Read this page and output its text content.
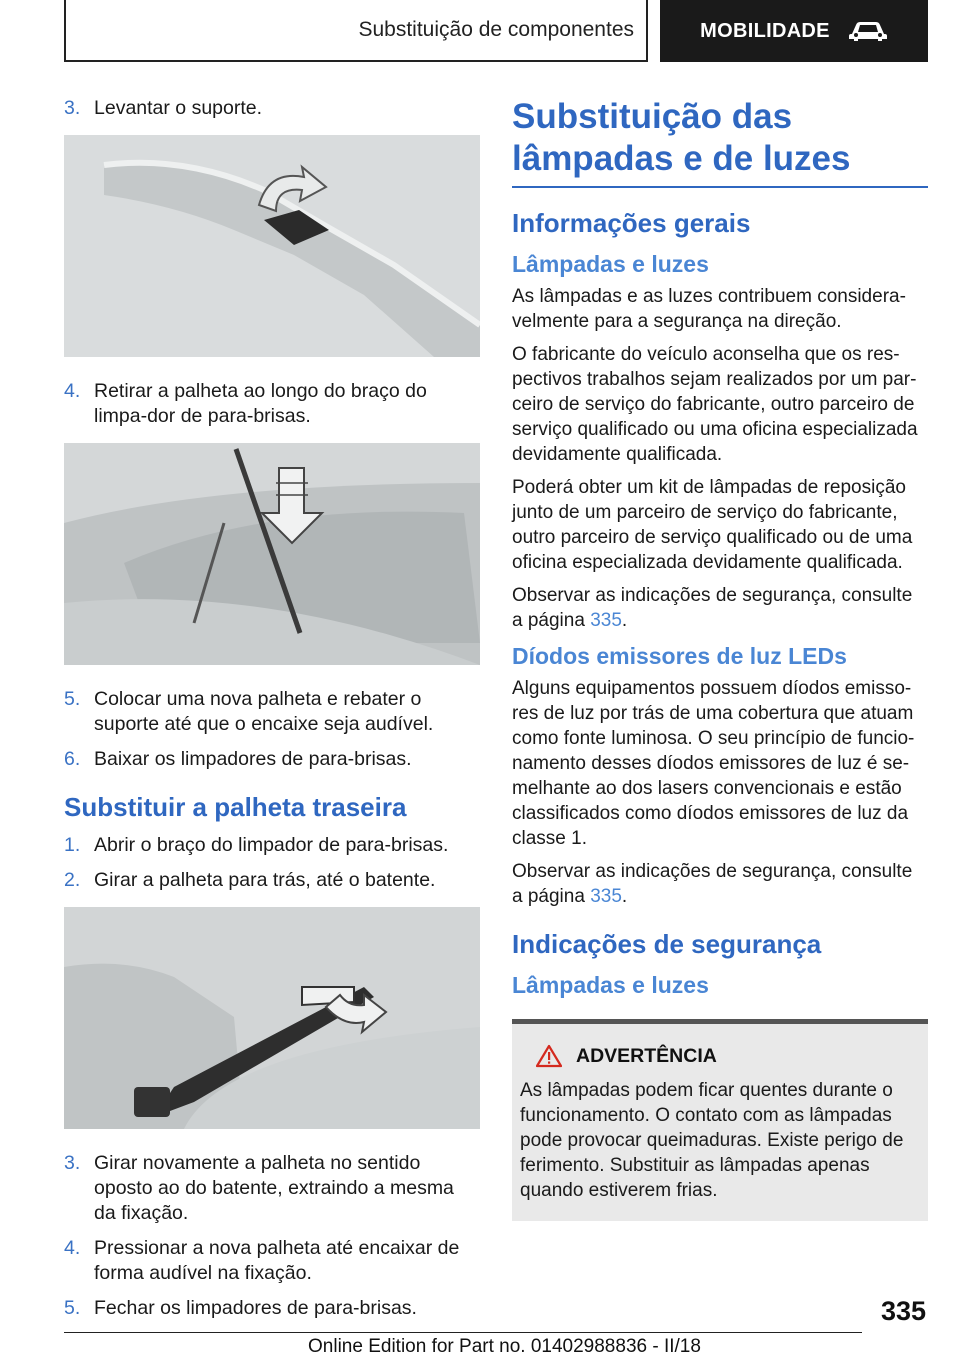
Substituição de componentes	MOBILIDADE
3. Levantar o suporte.
4. Retirar a palheta ao longo do braço do limpa-dor de para-brisas.
5. Colocar uma nova palheta e rebater o suporte até que o encaixe seja audível.
6. Baixar os limpadores de para-brisas.
Substituir a palheta traseira
1. Abrir o braço do limpador de para-brisas.
2. Girar a palheta para trás, até o batente.
3. Girar novamente a palheta no sentido oposto ao do batente, extraindo a mesma da fixação.
4. Pressionar a nova palheta até encaixar de forma audível na fixação.
5. Fechar os limpadores de para-brisas.
Substituição das lâmpadas e de luzes
Informações gerais
Lâmpadas e luzes

As lâmpadas e as luzes contribuem considera-velmente para a segurança na direção.

O fabricante do veículo aconselha que os res-pectivos trabalhos sejam realizados por um par-ceiro de serviço do fabricante, outro parceiro de serviço qualificado ou uma oficina especializada devidamente qualificada.

Poderá obter um kit de lâmpadas de reposição junto de um parceiro de serviço do fabricante, outro parceiro de serviço qualificado ou de uma oficina especializada devidamente qualificada.

Observar as indicações de segurança, consulte a página 335.

Díodos emissores de luz LEDs

Alguns equipamentos possuem díodos emisso-res de luz por trás de uma cobertura que atuam como fonte luminosa. O seu princípio de funcio-namento desses díodos emissores de luz é se-melhante ao dos lasers convencionais e estão classificados como díodos emissores de luz da classe 1.

Observar as indicações de segurança, consulte a página 335.

Indicações de segurança
Lâmpadas e luzes
ADVERTÊNCIA
As lâmpadas podem ficar quentes durante o funcionamento. O contato com as lâmpadas pode provocar queimaduras. Existe perigo de ferimento. Substituir as lâmpadas apenas quando estiverem frias.
335
Online Edition for Part no. 01402988836 - II/18
